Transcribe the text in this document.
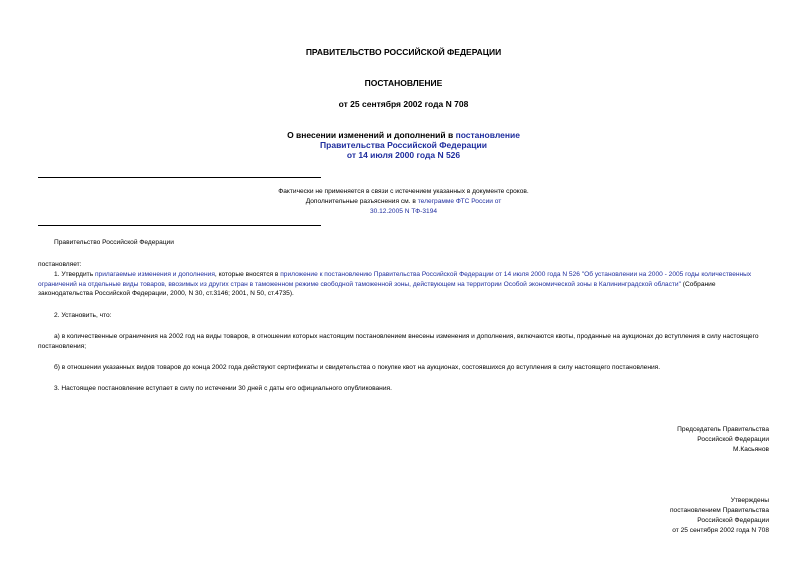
ПРАВИТЕЛЬСТВО РОССИЙСКОЙ ФЕДЕРАЦИИ
ПОСТАНОВЛЕНИЕ
от 25 сентября 2002 года N 708
О внесении изменений и дополнений в постановление
Правительства Российской Федерации
от 14 июля 2000 года N 526
Фактически не применяется в связи с истечением указанных в документе сроков.
Дополнительные разъяснения см. в телеграмме ФТС России от
30.12.2005 N ТФ-3194
Правительство Российской Федерации
постановляет:
1. Утвердить прилагаемые изменения и дополнения, которые вносятся в приложение к постановлению Правительства Российской Федерации от 14 июля 2000 года N 526 "Об установлении на 2000 - 2005 годы количественных ограничений на отдельные виды товаров, ввозимых из других стран в таможенном режиме свободной таможенной зоны, действующем на территории Особой экономической зоны в Калининградской области" (Собрание законодательства Российской Федерации, 2000, N 30, ст.3146; 2001, N 50, ст.4735).
2. Установить, что:
а) в количественные ограничения на 2002 год на виды товаров, в отношении которых настоящим постановлением внесены изменения и дополнения, включаются квоты, проданные на аукционах до вступления в силу настоящего постановления;
б) в отношении указанных видов товаров до конца 2002 года действуют сертификаты и свидетельства о покупке квот на аукционах, состоявшихся до вступления в силу настоящего постановления.
3. Настоящее постановление вступает в силу по истечении 30 дней с даты его официального опубликования.
Председатель Правительства
Российской Федерации
М.Касьянов
Утверждены
постановлением Правительства
Российской Федерации
от 25 сентября 2002 года N 708
